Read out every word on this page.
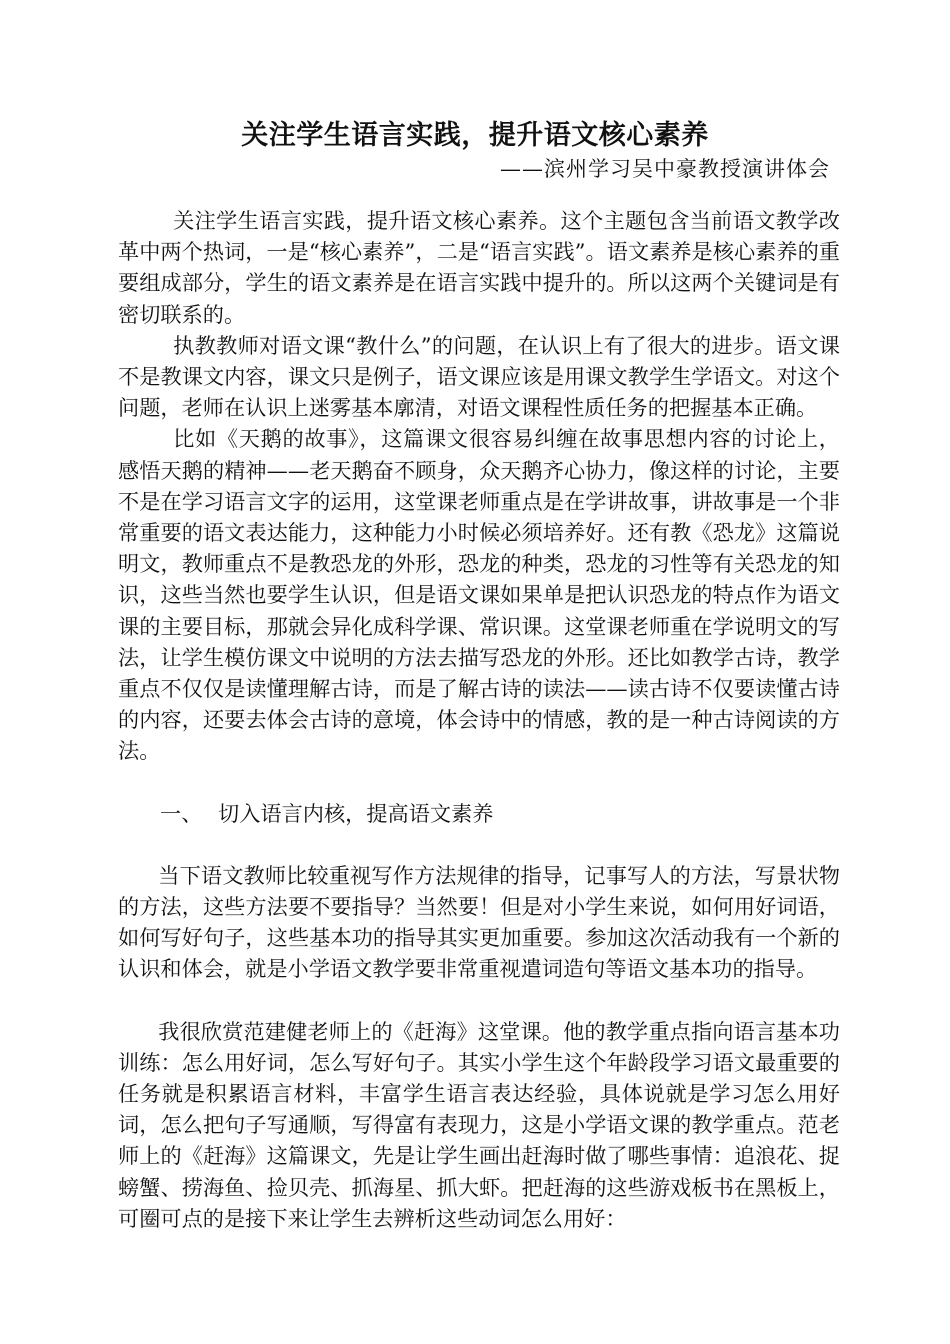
关注学生语言实践，提升语文核心素养

——滨州学习吴中豪教授演讲体会

关注学生语言实践，提升语文核心素养。这个主题包含当前语文教学改革中两个热词，一是“核心素养”，二是“语言实践”。语文素养是核心素养的重要组成部分，学生的语文素养是在语言实践中提升的。所以这两个关键词是有密切联系的。

执教教师对语文课“教什么”的问题，在认识上有了很大的进步。语文课不是教课文内容，课文只是例子，语文课应该是用课文教学生学语文。对这个问题，老师在认识上迷雾基本廓清，对语文课程性质任务的把握基本正确。

比如《天鹅的故事》，这篇课文很容易纠缠在故事思想内容的讨论上，感悟天鹅的精神——老天鹅奋不顾身，众天鹅齐心协力，像这样的讨论，主要不是在学习语言文字的运用，这堂课老师重点是在学讲故事，讲故事是一个非常重要的语文表达能力，这种能力小时候必须培养好。还有教《恐龙》这篇说明文，教师重点不是教恐龙的外形，恐龙的种类，恐龙的习性等有关恐龙的知识，这些当然也要学生认识，但是语文课如果单是把认识恐龙的特点作为语文课的主要目标，那就会异化成科学课、常识课。这堂课老师重在学说明文的写法，让学生模仿课文中说明的方法去描写恐龙的外形。还比如教学古诗，教学重点不仅仅是读懂理解古诗，而是了解古诗的读法——读古诗不仅要读懂古诗的内容，还要去体会古诗的意境，体会诗中的情感，教的是一种古诗阅读的方法。

一、 切入语言内核，提高语文素养

当下语文教师比较重视写作方法规律的指导，记事写人的方法，写景状物的方法，这些方法要不要指导？当然要！但是对小学生来说，如何用好词语，如何写好句子，这些基本功的指导其实更加重要。参加这次活动我有一个新的认识和体会，就是小学语文教学要非常重视遣词造句等语文基本功的指导。

我很欣赏范建健老师上的《赶海》这堂课。他的教学重点指向语言基本功训练：怎么用好词，怎么写好句子。其实小学生这个年龄段学习语文最重要的任务就是积累语言材料，丰富学生语言表达经验，具体说就是学习怎么用好词，怎么把句子写通顺，写得富有表现力，这是小学语文课的教学重点。范老师上的《赶海》这篇课文，先是让学生画出赶海时做了哪些事情：追浪花、捉螃蟹、捞海鱼、捡贝壳、抓海星、抓大虾。把赶海的这些游戏板书在黑板上，可圈可点的是接下来让学生去辨析这些动词怎么用好：
